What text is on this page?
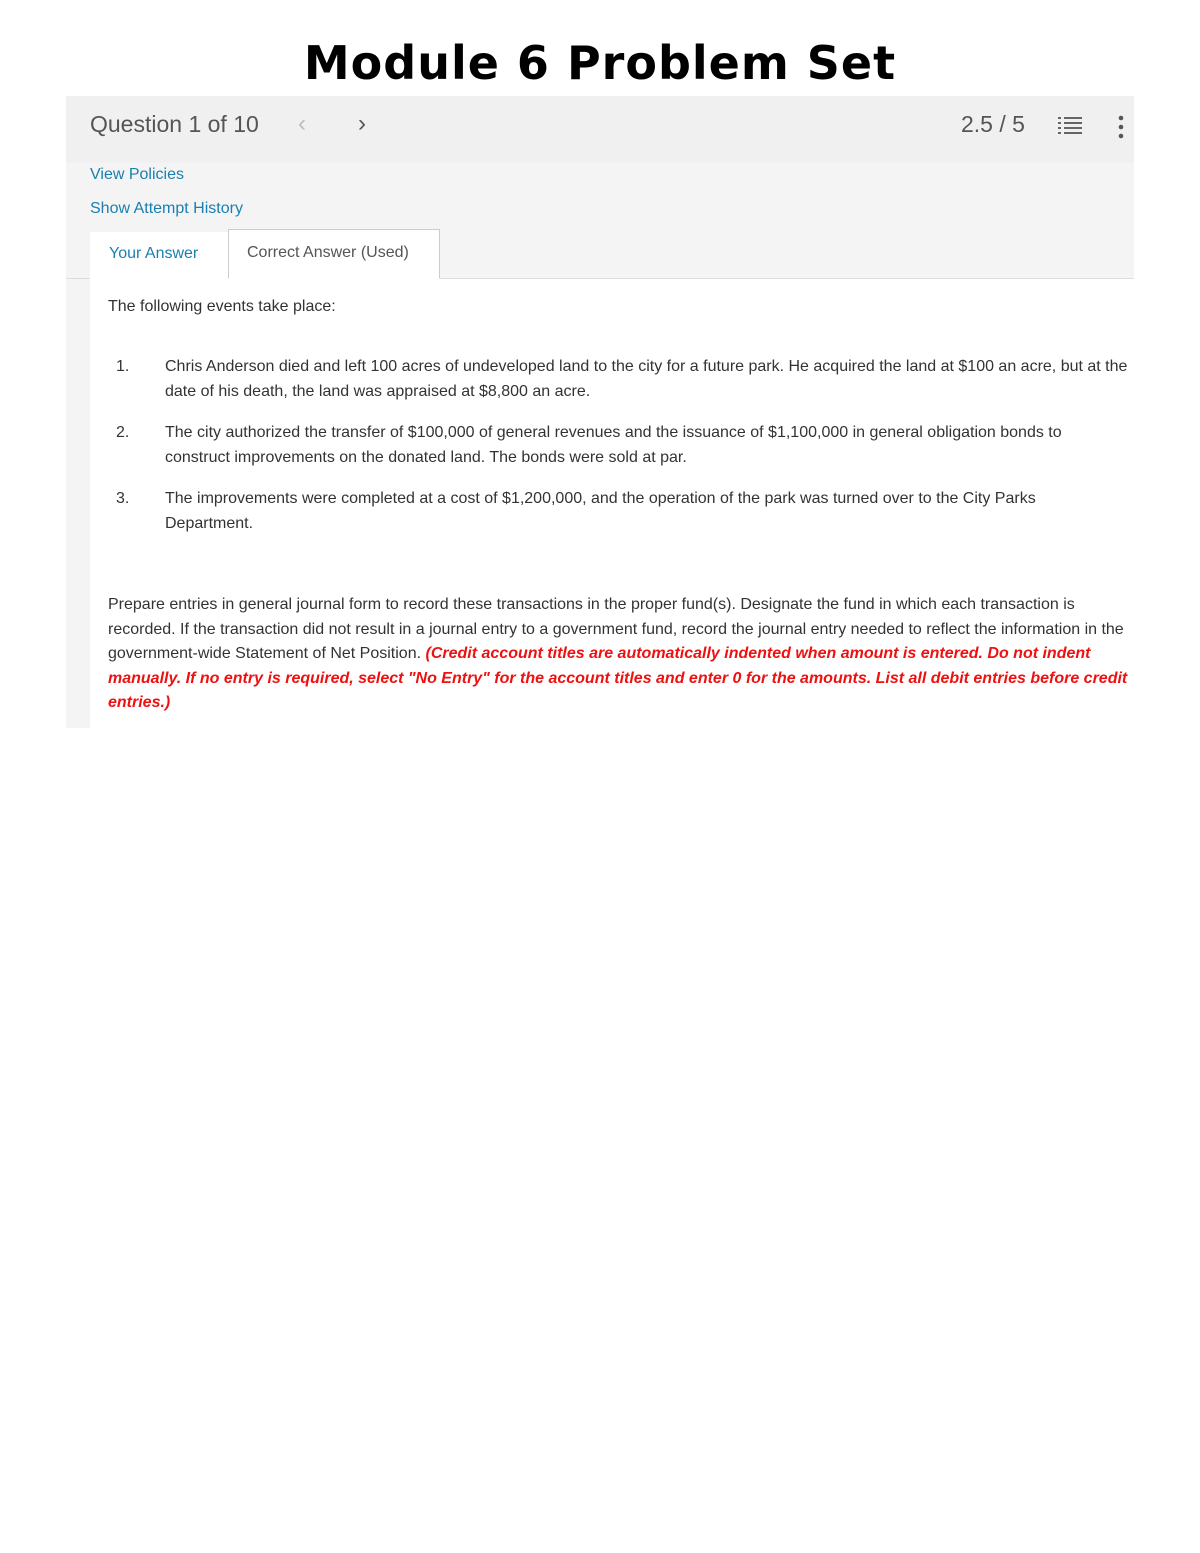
Module 6 Problem Set
Question 1 of 10 ‹ ›	2.5 / 5
View Policies
Show Attempt History
The following events take place:
1.	Chris Anderson died and left 100 acres of undeveloped land to the city for a future park. He acquired the land at $100 an acre, but at the date of his death, the land was appraised at $8,800 an acre.
2.	The city authorized the transfer of $100,000 of general revenues and the issuance of $1,100,000 in general obligation bonds to construct improvements on the donated land. The bonds were sold at par.
3.	The improvements were completed at a cost of $1,200,000, and the operation of the park was turned over to the City Parks Department.
Prepare entries in general journal form to record these transactions in the proper fund(s). Designate the fund in which each transaction is recorded. If the transaction did not result in a journal entry to a government fund, record the journal entry needed to reflect the information in the government-wide Statement of Net Position. (Credit account titles are automatically indented when amount is entered. Do not indent manually. If no entry is required, select "No Entry" for the account titles and enter 0 for the amounts. List all debit entries before credit entries.)
Your Answer	Correct Answer (Used)
